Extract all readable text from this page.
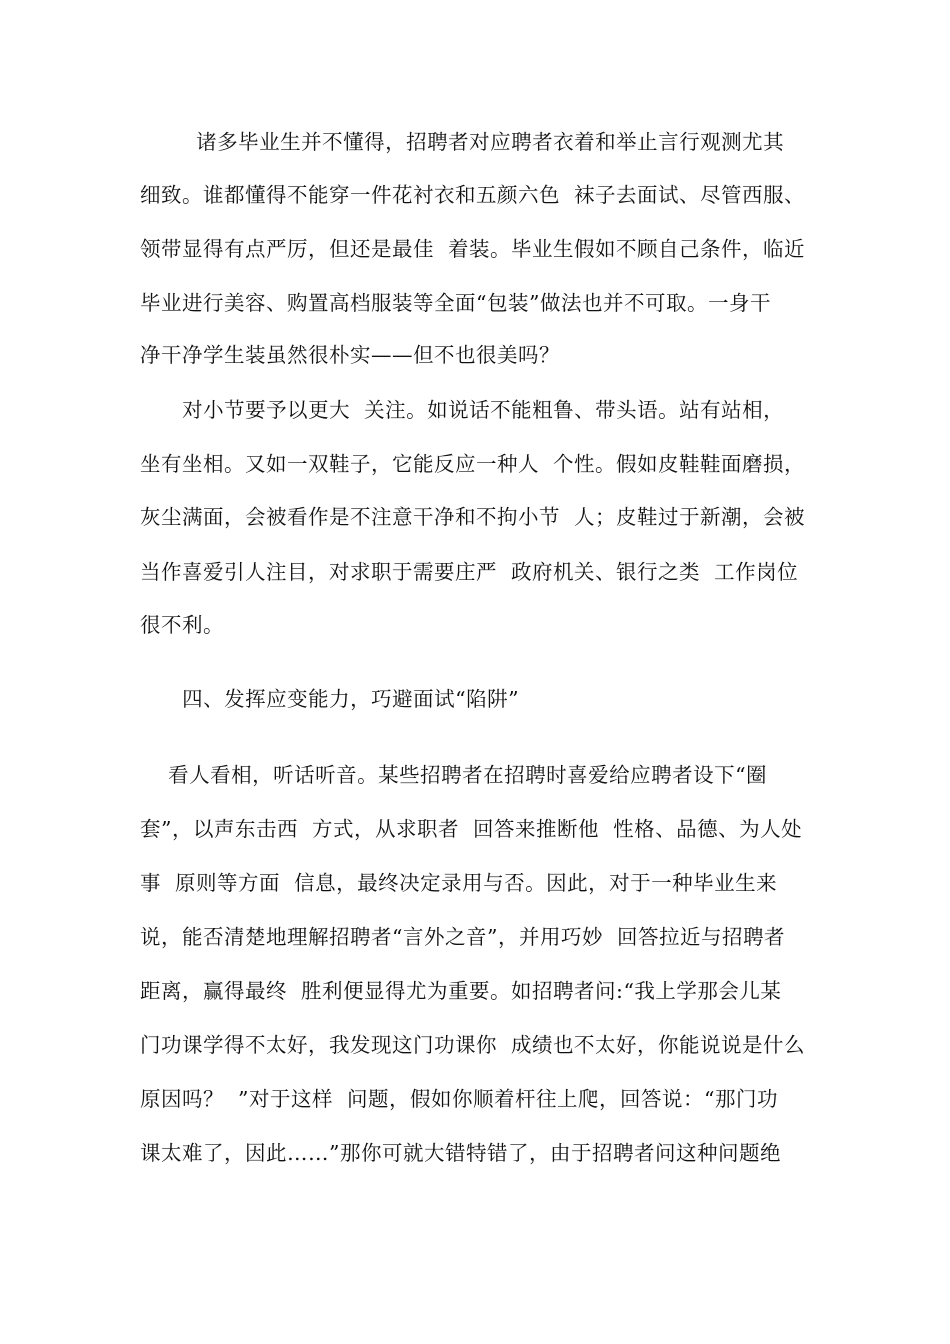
诸多毕业生并不懂得，招聘者对应聘者衣着和举止言行观测尤其
细致。谁都懂得不能穿一件花衬衣和五颜六色  袜子去面试、尽管西服、
领带显得有点严厉，但还是最佳  着装。毕业生假如不顾自己条件，临近
毕业进行美容、购置高档服装等全面“包装”做法也并不可取。一身干
净干净学生装虽然很朴实——但不也很美吗？
对小节要予以更大  关注。如说话不能粗鲁、带头语。站有站相，
坐有坐相。又如一双鞋子，它能反应一种人  个性。假如皮鞋鞋面磨损，
灰尘满面，会被看作是不注意干净和不拘小节  人；皮鞋过于新潮，会被
当作喜爱引人注目，对求职于需要庄严  政府机关、银行之类  工作岗位
很不利。
四、发挥应变能力，巧避面试“陷阱”
看人看相，听话听音。某些招聘者在招聘时喜爱给应聘者设下“圈
套”，以声东击西  方式，从求职者  回答来推断他  性格、品德、为人处
事  原则等方面  信息，最终决定录用与否。因此，对于一种毕业生来
说，能否清楚地理解招聘者“言外之音”，并用巧妙  回答拉近与招聘者
距离，赢得最终  胜利便显得尤为重要。如招聘者问:“我上学那会儿某
门功课学得不太好，我发现这门功课你  成绩也不太好，你能说说是什么
原因吗？  ”对于这样  问题，假如你顺着杆往上爬，回答说：“那门功
课太难了，因此……”那你可就大错特错了，由于招聘者问这种问题绝
